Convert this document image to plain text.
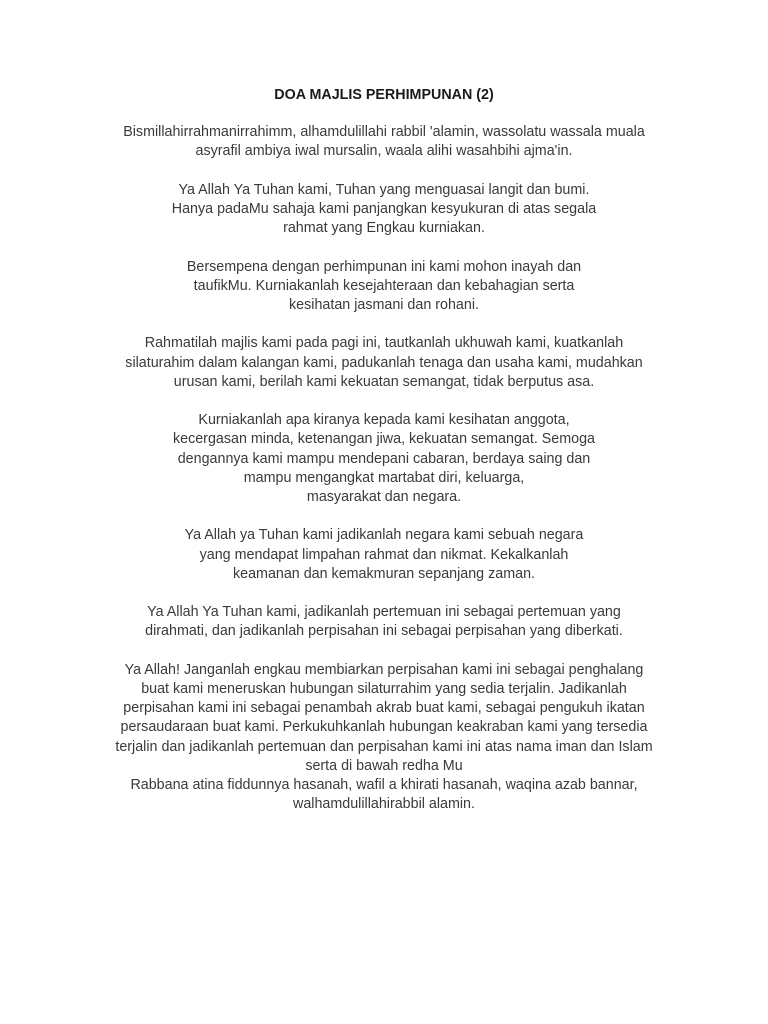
DOA MAJLIS PERHIMPUNAN (2)
Bismillahirrahmanirrahimm, alhamdulillahi rabbil 'alamin, wassolatu wassala muala
asyrafil ambiya iwal mursalin, waala alihi wasahbihi ajma'in.
Ya Allah Ya Tuhan kami, Tuhan yang menguasai langit dan bumi.
Hanya padaMu sahaja kami panjangkan kesyukuran di atas segala
rahmat yang Engkau kurniakan.
Bersempena dengan perhimpunan ini kami mohon inayah dan
taufikMu. Kurniakanlah kesejahteraan dan kebahagian serta
kesihatan jasmani dan rohani.
Rahmatilah majlis kami pada pagi ini, tautkanlah ukhuwah kami, kuatkanlah
silaturahim dalam kalangan kami, padukanlah tenaga dan usaha kami, mudahkan
urusan kami, berilah kami kekuatan semangat, tidak berputus asa.
Kurniakanlah apa kiranya kepada kami kesihatan anggota,
kecergasan minda, ketenangan jiwa, kekuatan semangat. Semoga
dengannya kami mampu mendepani cabaran, berdaya saing dan
mampu mengangkat martabat diri, keluarga,
masyarakat dan negara.
Ya Allah ya Tuhan kami jadikanlah negara kami sebuah negara
yang mendapat limpahan rahmat dan nikmat. Kekalkanlah
keamanan dan kemakmuran sepanjang zaman.
Ya Allah Ya Tuhan kami, jadikanlah pertemuan ini sebagai pertemuan yang
dirahmati, dan jadikanlah perpisahan ini sebagai perpisahan yang diberkati.
Ya Allah! Janganlah engkau membiarkan perpisahan kami ini sebagai penghalang
buat kami meneruskan hubungan silaturrahim yang sedia terjalin. Jadikanlah
perpisahan kami ini sebagai penambah akrab buat kami, sebagai pengukuh ikatan
persaudaraan buat kami. Perkukuhkanlah hubungan keakraban kami yang tersedia
terjalin dan jadikanlah pertemuan dan perpisahan kami ini atas nama iman dan Islam
serta di bawah redha Mu
Rabbana atina fiddunnya hasanah, wafil a khirati hasanah, waqina azab bannar,
walhamdulillahirabbil alamin.
